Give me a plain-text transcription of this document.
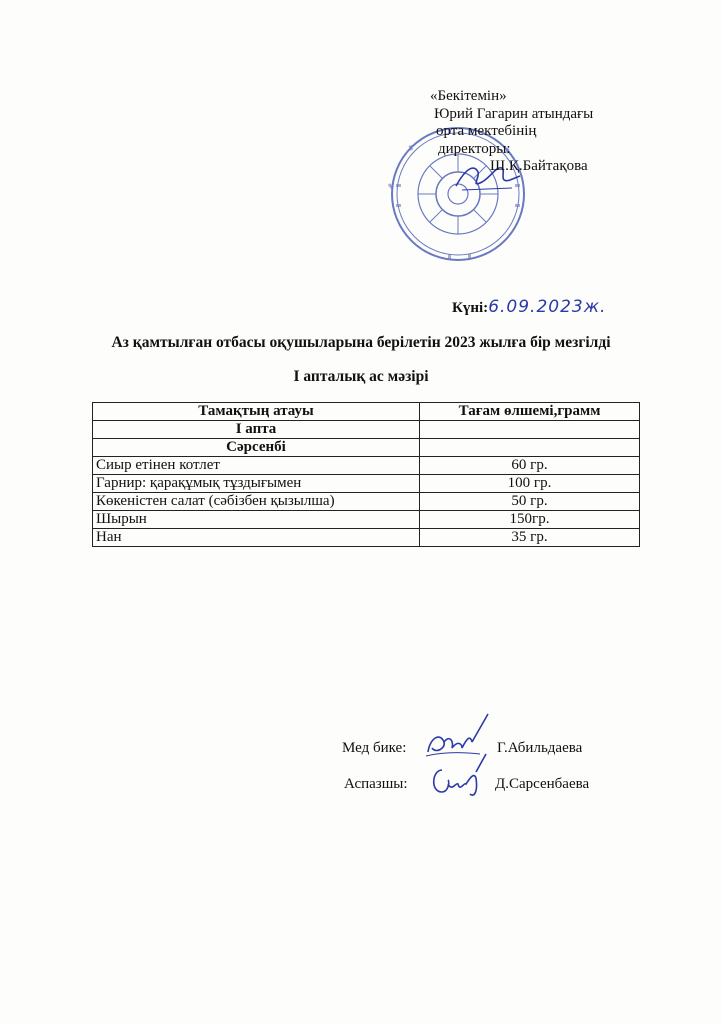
«Бекітемін»
Юрий Гагарин атындағы
орта мектебінің
директоры:
Ш.Қ.Байтақова
Күні:6.09.2023ж.
Аз қамтылған отбасы оқушыларына берілетін 2023 жылға бір мезгілді
I апталық ас мәзірі
Тамақтың атауы	Тағам өлшемі,грамм
I апта	
Сәрсенбі	
Сиыр етінен котлет	60 гр.
Гарнир: қарақұмық тұздығымен	100 гр.
Көкеністен салат (сәбізбен қызылша)	50 гр.
Шырын	150гр.
Нан	35 гр.
Мед бике:	Г.Абильдаева
Аспазшы:	Д.Сарсенбаева
